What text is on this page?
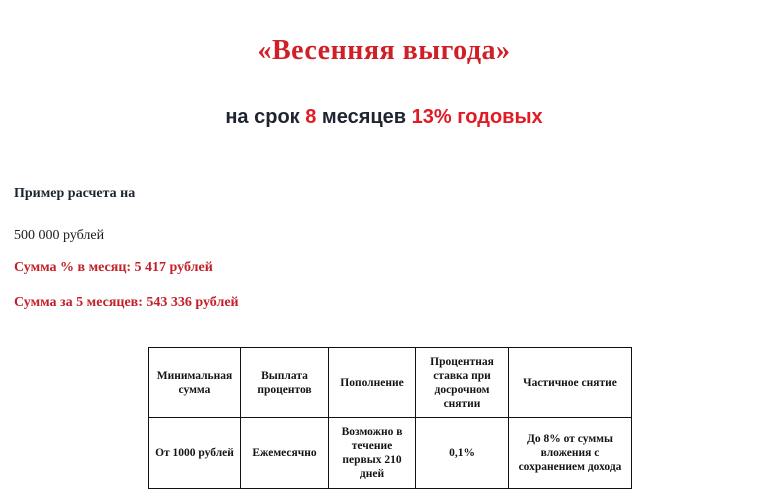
«Весенняя выгода»
на срок 8 месяцев 13% годовых
Пример расчета на
500 000 рублей
Сумма % в месяц: 5 417 рублей
Сумма за 5 месяцев: 543 336 рублей
Минимальная сумма	Выплата процентов	Пополнение	Процентная ставка при досрочном снятии	Частичное снятие
От 1000 рублей	Ежемесячно	Возможно в течение первых 210 дней	0,1%	До 8% от суммы вложения с сохранением дохода
